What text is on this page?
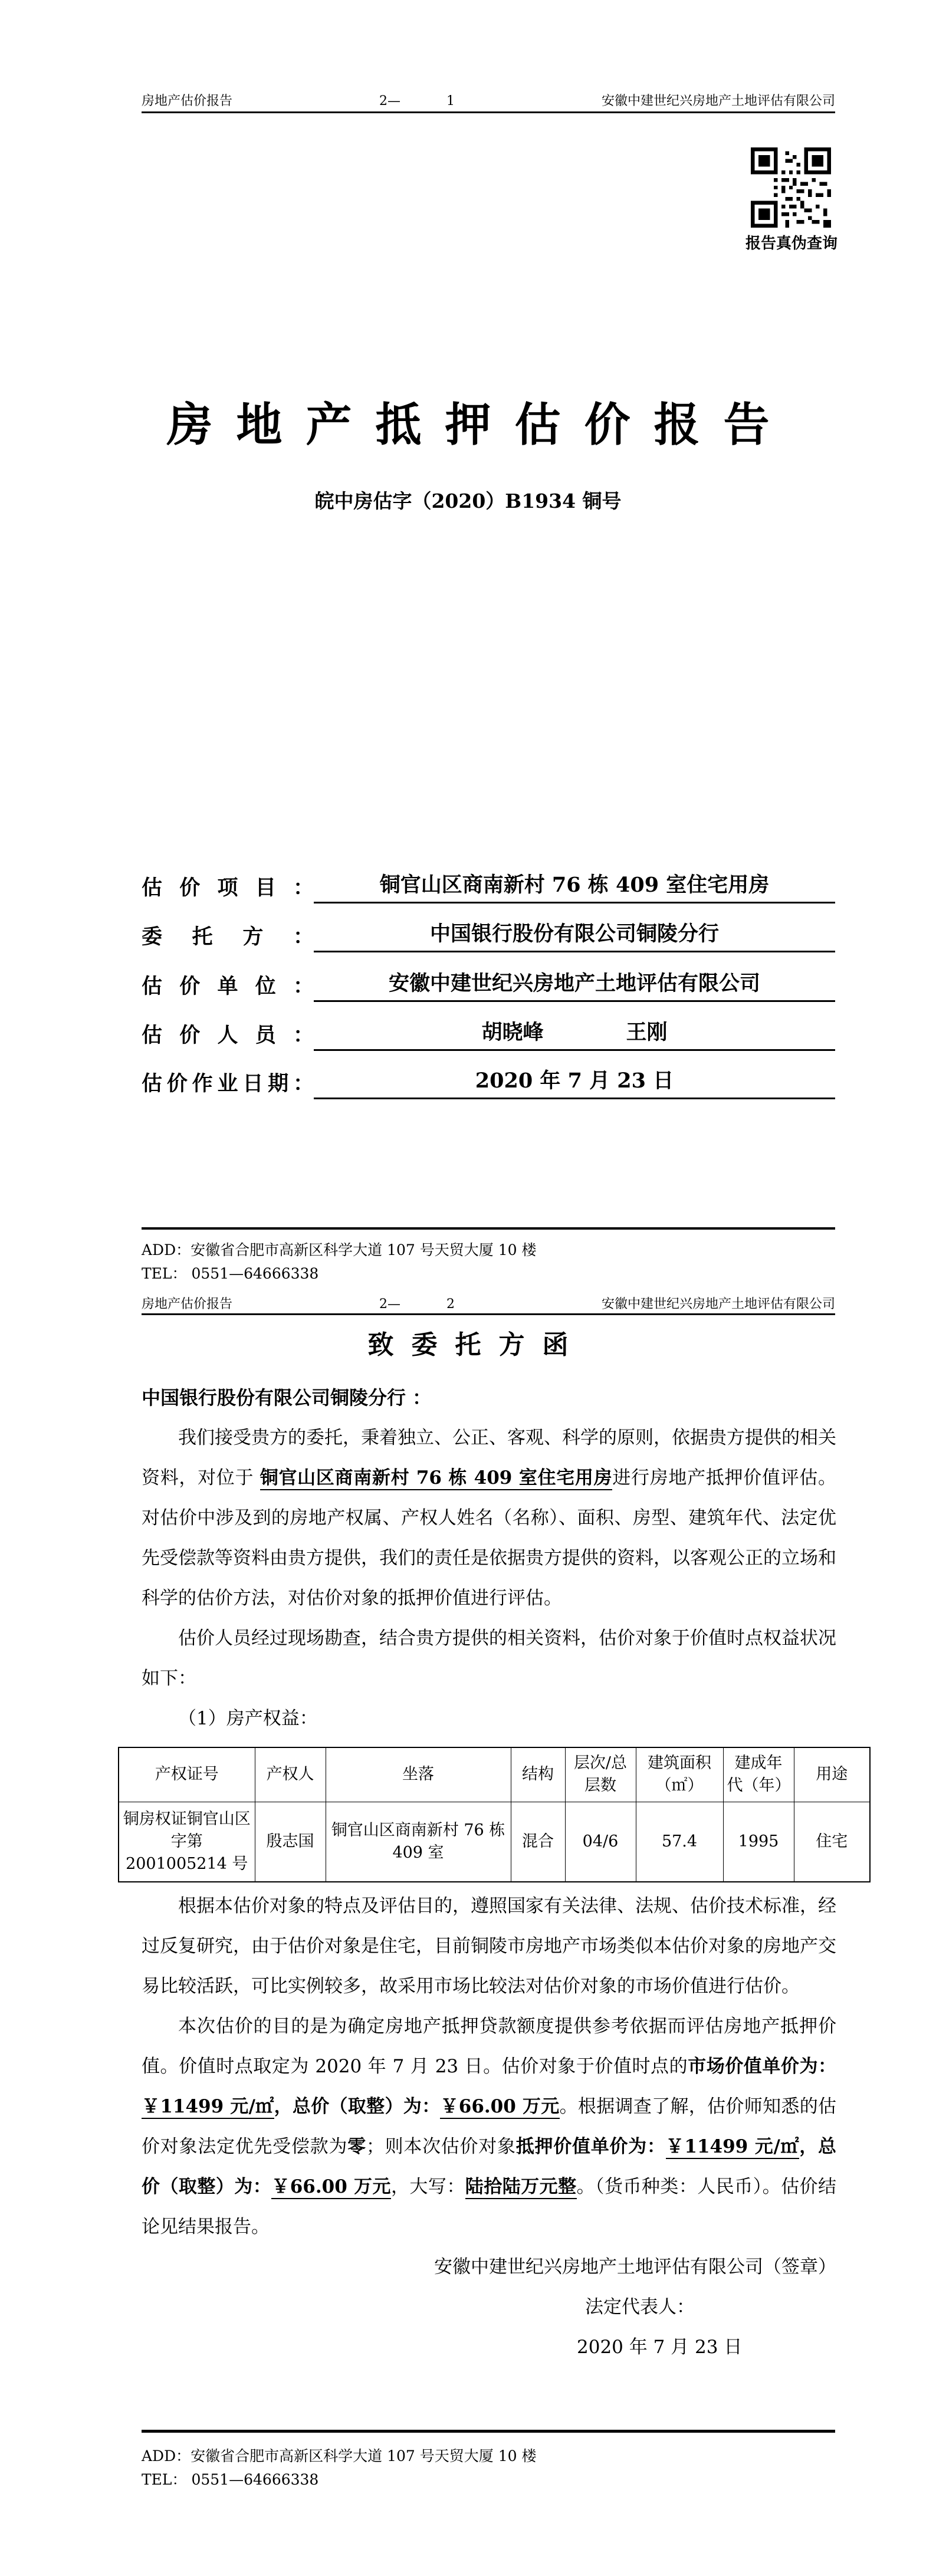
房地产估价报告	2—	1	安徽中建世纪兴房地产土地评估有限公司
报告真伪查询
房地产抵押估价报告
皖中房估字（2020）B1934 铜号
估价项目：	铜官山区商南新村 76 栋 409 室住宅用房
委托方：	中国银行股份有限公司铜陵分行
估价单位：	安徽中建世纪兴房地产土地评估有限公司
估价人员：	胡晓峰　　　　王刚
估价作业日期：	2020 年 7 月 23 日
ADD：安徽省合肥市高新区科学大道 107 号天贸大厦 10 楼
TEL： 0551—64666338
房地产估价报告	2—	2	安徽中建世纪兴房地产土地评估有限公司
致委托方函

中国银行股份有限公司铜陵分行 ：

我们接受贵方的委托，秉着独立、公正、客观、科学的原则，依据贵方提供的相关资料，对位于 铜官山区商南新村 76 栋 409 室住宅用房进行房地产抵押价值评估。对估价中涉及到的房地产权属、产权人姓名（名称）、面积、房型、建筑年代、法定优先受偿款等资料由贵方提供，我们的责任是依据贵方提供的资料，以客观公正的立场和科学的估价方法，对估价对象的抵押价值进行评估。

估价人员经过现场勘查，结合贵方提供的相关资料，估价对象于价值时点权益状况如下：

（1）房产权益：

产权证号	产权人	坐落	结构	层次/总层数	建筑面积（㎡）	建成年代（年）	用途
铜房权证铜官山区字第 2001005214 号	殷志国	铜官山区商南新村 76 栋 409 室	混合	04/6	57.4	1995	住宅

根据本估价对象的特点及评估目的，遵照国家有关法律、法规、估价技术标准，经过反复研究，由于估价对象是住宅，目前铜陵市房地产市场类似本估价对象的房地产交易比较活跃，可比实例较多，故采用市场比较法对估价对象的市场价值进行估价。

本次估价的目的是为确定房地产抵押贷款额度提供参考依据而评估房地产抵押价值。价值时点取定为 2020 年 7 月 23 日。估价对象于价值时点的市场价值单价为：￥11499 元/㎡，总价（取整）为：￥66.00 万元。根据调查了解，估价师知悉的估价对象法定优先受偿款为零；则本次估价对象抵押价值单价为：￥11499 元/㎡，总价（取整）为：￥66.00 万元，大写：陆拾陆万元整。（货币种类：人民币）。估价结论见结果报告。

安徽中建世纪兴房地产土地评估有限公司（签章）

法定代表人：

2020 年 7 月 23 日

ADD：安徽省合肥市高新区科学大道 107 号天贸大厦 10 楼
TEL： 0551—64666338
